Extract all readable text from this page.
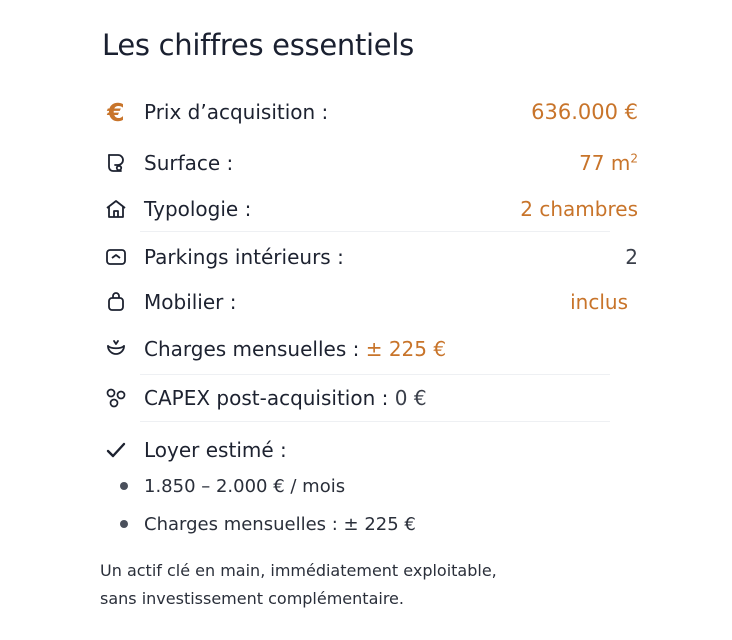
Les chiffres essentiels
€ Prix d’acquisition :	636.000 €
Surface :	77 $m^2$
Typologie :	2 chambres
Parkings intérieurs :	2
Mobilier :	inclus
Charges mensuelles : ± 225 €
CAPEX post-acquisition : 0 €
Loyer estimé :
1.850 – 2.000 € / mois
Charges mensuelles : ± 225 €

Un actif clé en main, immédiatement exploitable,
sans investissement complémentaire.
